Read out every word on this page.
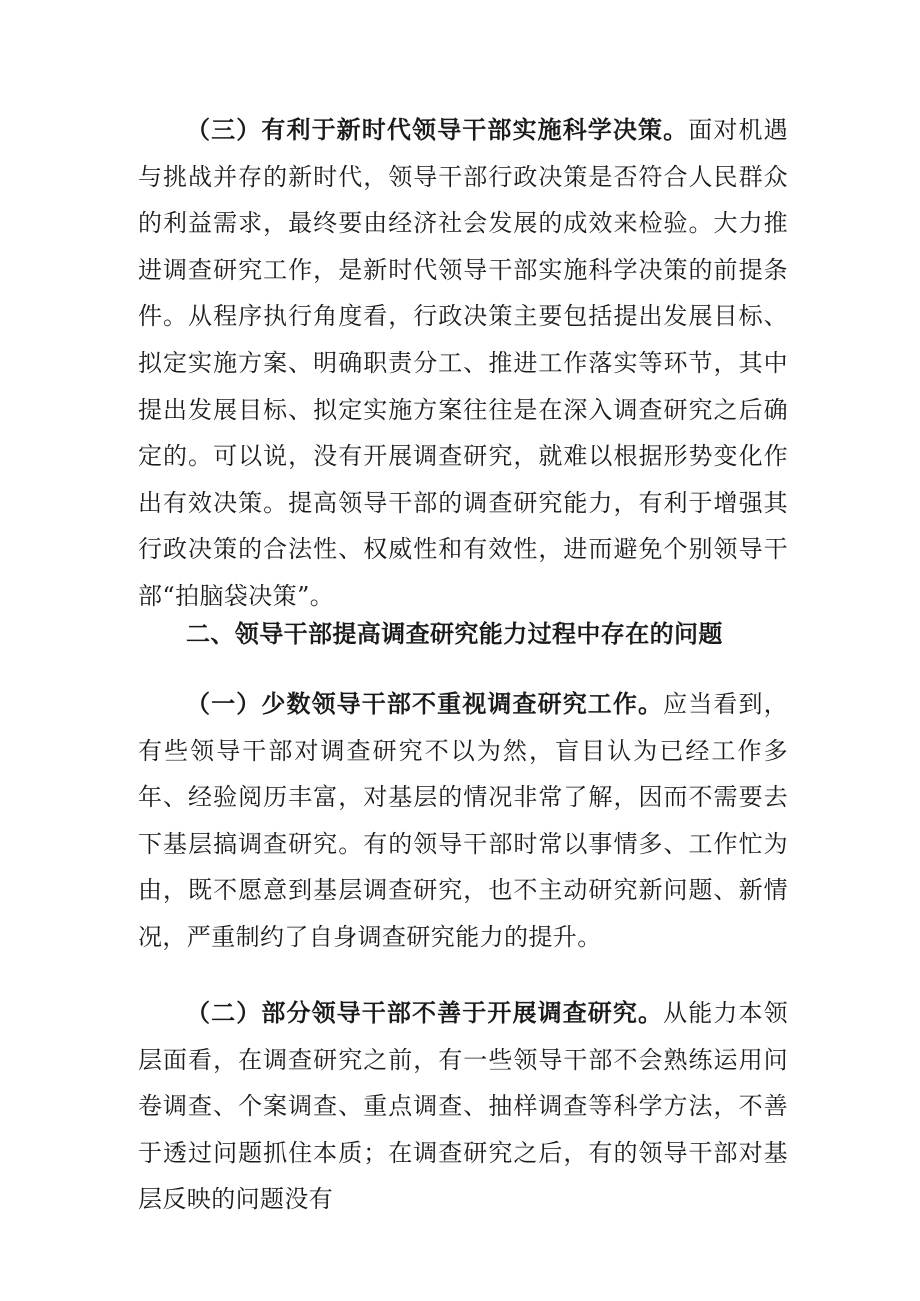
（三）有利于新时代领导干部实施科学决策。面对机遇与挑战并存的新时代，领导干部行政决策是否符合人民群众的利益需求，最终要由经济社会发展的成效来检验。大力推进调查研究工作，是新时代领导干部实施科学决策的前提条件。从程序执行角度看，行政决策主要包括提出发展目标、拟定实施方案、明确职责分工、推进工作落实等环节，其中提出发展目标、拟定实施方案往往是在深入调查研究之后确定的。可以说，没有开展调查研究，就难以根据形势变化作出有效决策。提高领导干部的调查研究能力，有利于增强其行政决策的合法性、权威性和有效性，进而避免个别领导干部“拍脑袋决策”。

二、领导干部提高调查研究能力过程中存在的问题

（一）少数领导干部不重视调查研究工作。应当看到，有些领导干部对调查研究不以为然，盲目认为已经工作多年、经验阅历丰富，对基层的情况非常了解，因而不需要去下基层搞调查研究。有的领导干部时常以事情多、工作忙为由，既不愿意到基层调查研究，也不主动研究新问题、新情况，严重制约了自身调查研究能力的提升。

（二）部分领导干部不善于开展调查研究。从能力本领层面看，在调查研究之前，有一些领导干部不会熟练运用问卷调查、个案调查、重点调查、抽样调查等科学方法，不善于透过问题抓住本质；在调查研究之后，有的领导干部对基层反映的问题没有
